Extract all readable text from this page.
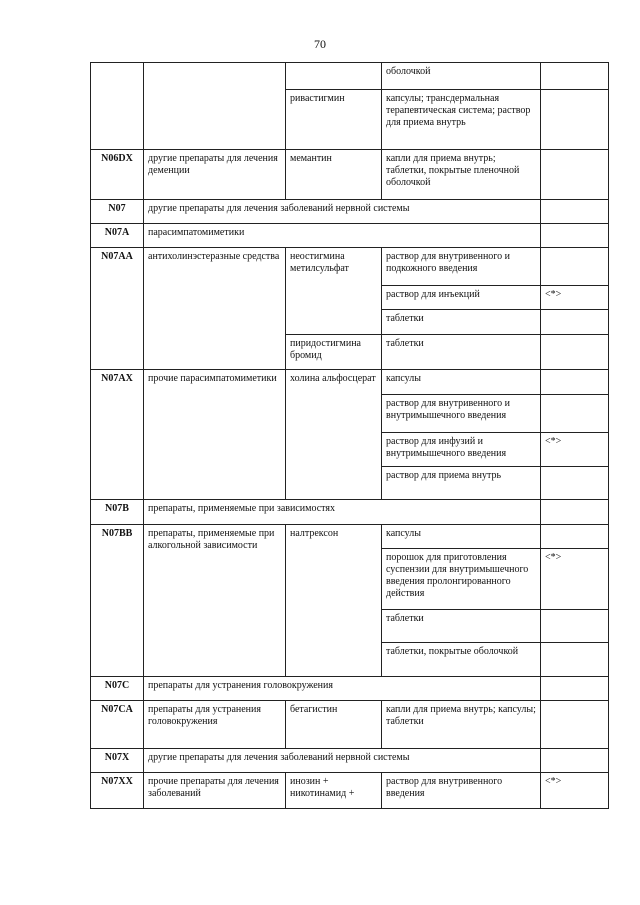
70
			оболочкой	
		ривастигмин	капсулы; трансдермальная терапевтическая система; раствор для приема внутрь	
N06DX	другие препараты для лечения деменции	мемантин	капли для приема внутрь; таблетки, покрытые пленочной оболочкой	
N07	другие препараты для лечения заболеваний нервной системы			
N07A	парасимпатомиметики			
N07AA	антихолинэстеразные средства	неостигмина метилсульфат	раствор для внутривенного и подкожного введения	
			раствор для инъекций	<*>
			таблетки	
		пиридостигмина бромид	таблетки	
N07AX	прочие парасимпатомиметики	холина альфосцерат	капсулы	
			раствор для внутривенного и внутримышечного введения	
			раствор для инфузий и внутримышечного введения	<*>
			раствор для приема внутрь	
N07B	препараты, применяемые при зависимостях			
N07BB	препараты, применяемые при алкогольной зависимости	налтрексон	капсулы	
			порошок для приготовления суспензии для внутримышечного введения пролонгированного действия	<*>
			таблетки	
			таблетки, покрытые оболочкой	
N07C	препараты для устранения головокружения			
N07CA	препараты для устранения головокружения	бетагистин	капли для приема внутрь; капсулы; таблетки	
N07X	другие препараты для лечения заболеваний нервной системы			
N07XX	прочие препараты для лечения заболеваний	инозин + никотинамид +	раствор для внутривенного введения	<*>
